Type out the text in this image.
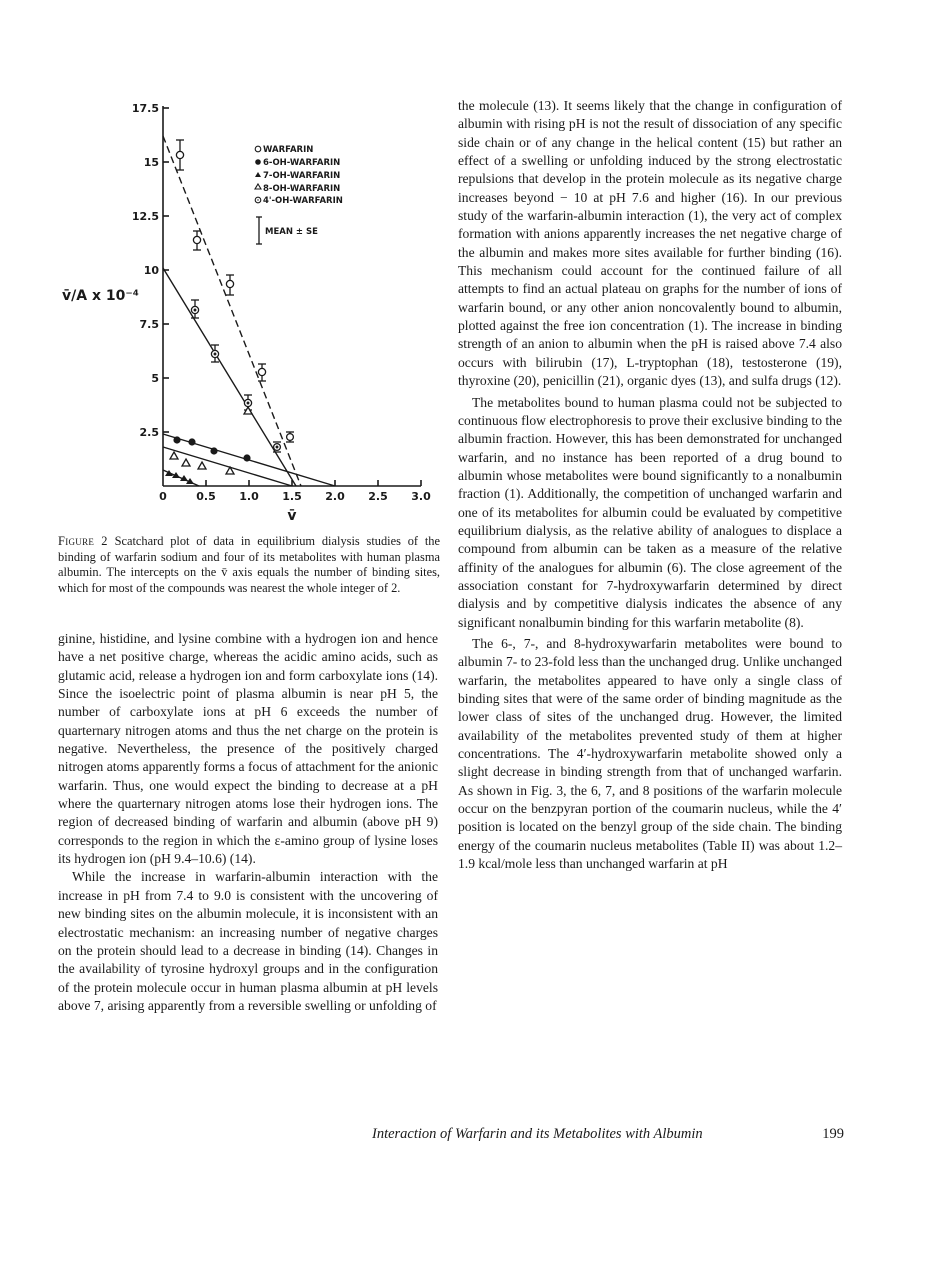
17.5
15
12.5
10
7.5
5
2.5
0	0.5 1.0 1.5 2.0 2.5 3.0
v̄/A x 10⁻⁴
v̄
WARFARIN
6-OH-WARFARIN
7-OH-WARFARIN
8-OH-WARFARIN
4'-OH-WARFARIN
MEAN ± SE
Figure 2 Scatchard plot of data in equilibrium dialysis studies of the binding of warfarin sodium and four of its metabolites with human plasma albumin. The intercepts on the v̄ axis equals the number of binding sites, which for most of the compounds was nearest the whole integer of 2.

ginine, histidine, and lysine combine with a hydrogen ion and hence have a net positive charge, whereas the acidic amino acids, such as glutamic acid, release a hydrogen ion and form carboxylate ions (14). Since the isoelectric point of plasma albumin is near pH 5, the number of carboxylate ions at pH 6 exceeds the number of quarternary nitrogen atoms and thus the net charge on the protein is negative. Nevertheless, the presence of the positively charged nitrogen atoms apparently forms a focus of attachment for the anionic warfarin. Thus, one would expect the binding to decrease at a pH where the quarternary nitrogen atoms lose their hydrogen ions. The region of decreased binding of warfarin and albumin (above pH 9) corresponds to the region in which the ε-amino group of lysine loses its hydrogen ion (pH 9.4–10.6) (14).

While the increase in warfarin-albumin interaction with the increase in pH from 7.4 to 9.0 is consistent with the uncovering of new binding sites on the albumin molecule, it is inconsistent with an electrostatic mechanism: an increasing number of negative charges on the protein should lead to a decrease in binding (14). Changes in the availability of tyrosine hydroxyl groups and in the configuration of the protein molecule occur in human plasma albumin at pH levels above 7, arising apparently from a reversible swelling or unfolding of

the molecule (13). It seems likely that the change in configuration of albumin with rising pH is not the result of dissociation of any specific side chain or of any change in the helical content (15) but rather an effect of a swelling or unfolding induced by the strong electrostatic repulsions that develop in the protein molecule as its negative charge increases beyond − 10 at pH 7.6 and higher (16). In our previous study of the warfarin-albumin interaction (1), the very act of complex formation with anions apparently increases the net negative charge of the albumin and makes more sites available for further binding (16). This mechanism could account for the continued failure of all attempts to find an actual plateau on graphs for the number of ions of warfarin bound, or any other anion noncovalently bound to albumin, plotted against the free ion concentration (1). The increase in binding strength of an anion to albumin when the pH is raised above 7.4 also occurs with bilirubin (17), L-tryptophan (18), testosterone (19), thyroxine (20), penicillin (21), organic dyes (13), and sulfa drugs (12).

The metabolites bound to human plasma could not be subjected to continuous flow electrophoresis to prove their exclusive binding to the albumin fraction. However, this has been demonstrated for unchanged warfarin, and no instance has been reported of a drug bound to albumin whose metabolites were bound significantly to a nonalbumin fraction (1). Additionally, the competition of unchanged warfarin and one of its metabolites for albumin could be evaluated by competitive equilibrium dialysis, as the relative ability of analogues to displace a compound from albumin can be taken as a measure of the relative affinity of the analogues for albumin (6). The close agreement of the association constant for 7-hydroxywarfarin determined by direct dialysis and by competitive dialysis indicates the absence of any significant nonalbumin binding for this warfarin metabolite (8).

The 6-, 7-, and 8-hydroxywarfarin metabolites were bound to albumin 7- to 23-fold less than the unchanged drug. Unlike unchanged warfarin, the metabolites appeared to have only a single class of binding sites that were of the same order of binding magnitude as the lower class of sites of the unchanged drug. However, the limited availability of the metabolites prevented study of them at higher concentrations. The 4′-hydroxywarfarin metabolite showed only a slight decrease in binding strength from that of unchanged warfarin. As shown in Fig. 3, the 6, 7, and 8 positions of the warfarin molecule occur on the benzpyran portion of the coumarin nucleus, while the 4′ position is located on the benzyl group of the side chain. The binding energy of the coumarin nucleus metabolites (Table II) was about 1.2–1.9 kcal/mole less than unchanged warfarin at pH

Interaction of Warfarin and its Metabolites with Albumin	199
